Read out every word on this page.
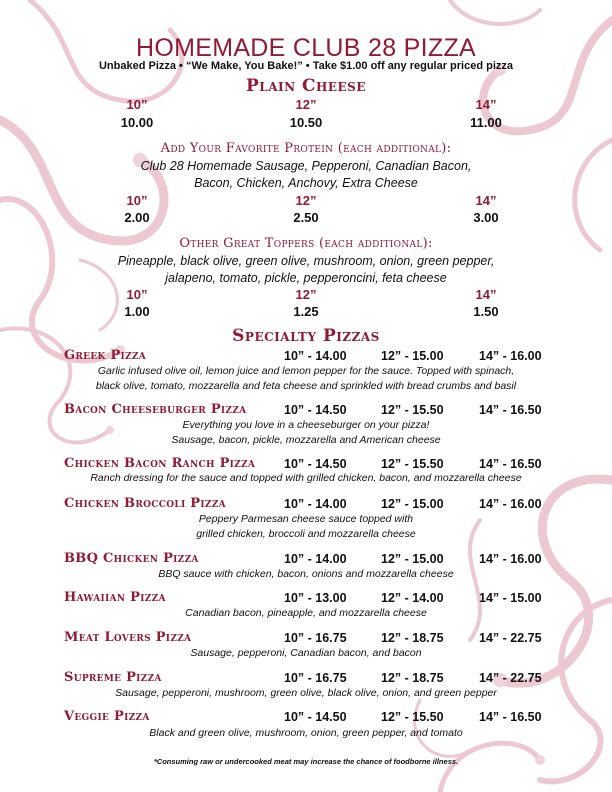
HOMEMADE CLUB 28 PIZZA
Unbaked Pizza • “We Make, You Bake!” • Take $1.00 off any regular priced pizza
Plain Cheese
10”	12”	14”
10.00	10.50	11.00
Add Your Favorite Protein (each additional):
Club 28 Homemade Sausage, Pepperoni, Canadian Bacon,
Bacon, Chicken, Anchovy, Extra Cheese
10”	12”	14”
2.00	2.50	3.00
Other Great Toppers (each additional):
Pineapple, black olive, green olive, mushroom, onion, green pepper,
jalapeno, tomato, pickle, pepperoncini, feta cheese
10”	12”	14”
1.00	1.25	1.50
Specialty Pizzas
Greek Pizza	10” - 14.00	12” - 15.00	14” - 16.00
Garlic infused olive oil, lemon juice and lemon pepper for the sauce. Topped with spinach,
black olive, tomato, mozzarella and feta cheese and sprinkled with bread crumbs and basil
Bacon Cheeseburger Pizza	10” - 14.50	12” - 15.50	14” - 16.50
Everything you love in a cheeseburger on your pizza!
Sausage, bacon, pickle, mozzarella and American cheese
Chicken Bacon Ranch Pizza 10” - 14.50	12” - 15.50	14” - 16.50
Ranch dressing for the sauce and topped with grilled chicken, bacon, and mozzarella cheese
Chicken Broccoli Pizza	10” - 14.00	12” - 15.00	14” - 16.00
Peppery Parmesan cheese sauce topped with
grilled chicken, broccoli and mozzarella cheese
BBQ Chicken Pizza	10” - 14.00	12” - 15.00	14” - 16.00
BBQ sauce with chicken, bacon, onions and mozzarella cheese
Hawaiian Pizza	10” - 13.00	12” - 14.00	14” - 15.00
Canadian bacon, pineapple, and mozzarella cheese
Meat Lovers Pizza	10” - 16.75	12” - 18.75	14” - 22.75
Sausage, pepperoni, Canadian bacon, and bacon
Supreme Pizza	10” - 16.75	12” - 18.75	14” - 22.75
Sausage, pepperoni, mushroom, green olive, black olive, onion, and green pepper
Veggie Pizza	10” - 14.50	12” - 15.50	14” - 16.50
Black and green olive, mushroom, onion, green pepper, and tomato
*Consuming raw or undercooked meat may increase the chance of foodborne illness.
